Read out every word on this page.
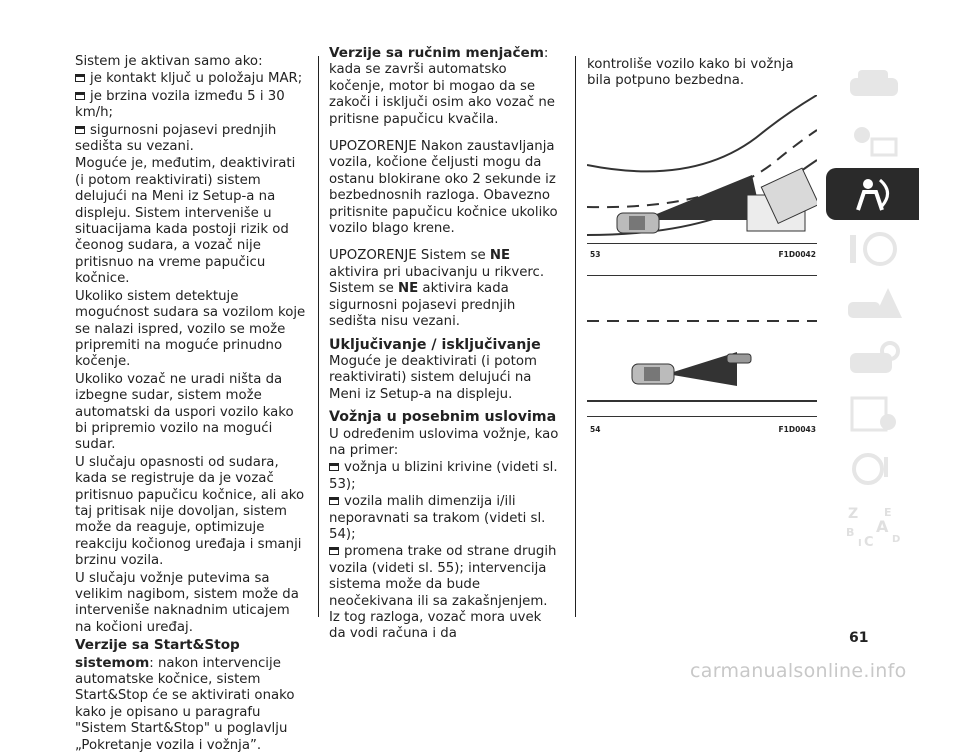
Sistem je aktivan samo ako:

je kontakt ključ u položaju MAR;

je brzina vozila između 5 i 30 km/h;

sigurnosni pojasevi prednjih sedišta su vezani.

Moguće je, međutim, deaktivirati (i potom reaktivirati) sistem delujući na Meni iz Setup-a na displeju. Sistem interveniše u situacijama kada postoji rizik od čeonog sudara, a vozač nije pritisnuo na vreme papučicu kočnice.

Ukoliko sistem detektuje mogućnost sudara sa vozilom koje se nalazi ispred, vozilo se može pripremiti na moguće prinudno kočenje.

Ukoliko vozač ne uradi ništa da izbegne sudar, sistem može automatski da uspori vozilo kako bi pripremio vozilo na mogući sudar.

U slučaju opasnosti od sudara, kada se registruje da je vozač pritisnuo papučicu kočnice, ali ako taj pritisak nije dovoljan, sistem može da reaguje, optimizuje reakciju kočionog uređaja i smanji brzinu vozila.

U slučaju vožnje putevima sa velikim nagibom, sistem može da interveniše naknadnim uticajem na kočioni uređaj.

Verzije sa Start&Stop sistemom: nakon intervencije automatske kočnice, sistem Start&Stop će se aktivirati onako kako je opisano u paragrafu "Sistem Start&Stop" u poglavlju „Pokretanje vozila i vožnja”.

Verzije sa ručnim menjačem: kada se završi automatsko kočenje, motor bi mogao da se zakoči i isključi osim ako vozač ne pritisne papučicu kvačila.

UPOZORENJE Nakon zaustavljanja vozila, kočione čeljusti mogu da ostanu blokirane oko 2 sekunde iz bezbednosnih razloga. Obavezno pritisnite papučicu kočnice ukoliko vozilo blago krene.

UPOZORENJE Sistem se NE aktivira pri ubacivanju u rikverc. Sistem se NE aktivira kada sigurnosni pojasevi prednjih sedišta nisu vezani.

Uključivanje / isključivanje

Moguće je deaktivirati (i potom reaktivirati) sistem delujući na Meni iz Setup-a na displeju.

Vožnja u posebnim uslovima

U određenim uslovima vožnje, kao na primer:

vožnja u blizini krivine (videti sl. 53);

vozila malih dimenzija i/ili neporavnati sa trakom (videti sl. 54);

promena trake od strane drugih vozila (videti sl. 55); intervencija sistema može da bude neočekivana ili sa zakašnjenjem. Iz tog razloga, vozač mora uvek da vodi računa i da

kontroliše vozilo kako bi vožnja bila potpuno bezbedna.

53	F1D0042
54	F1D0043
Z E
A
B
C
I	D
61
carmanualsonline.info
